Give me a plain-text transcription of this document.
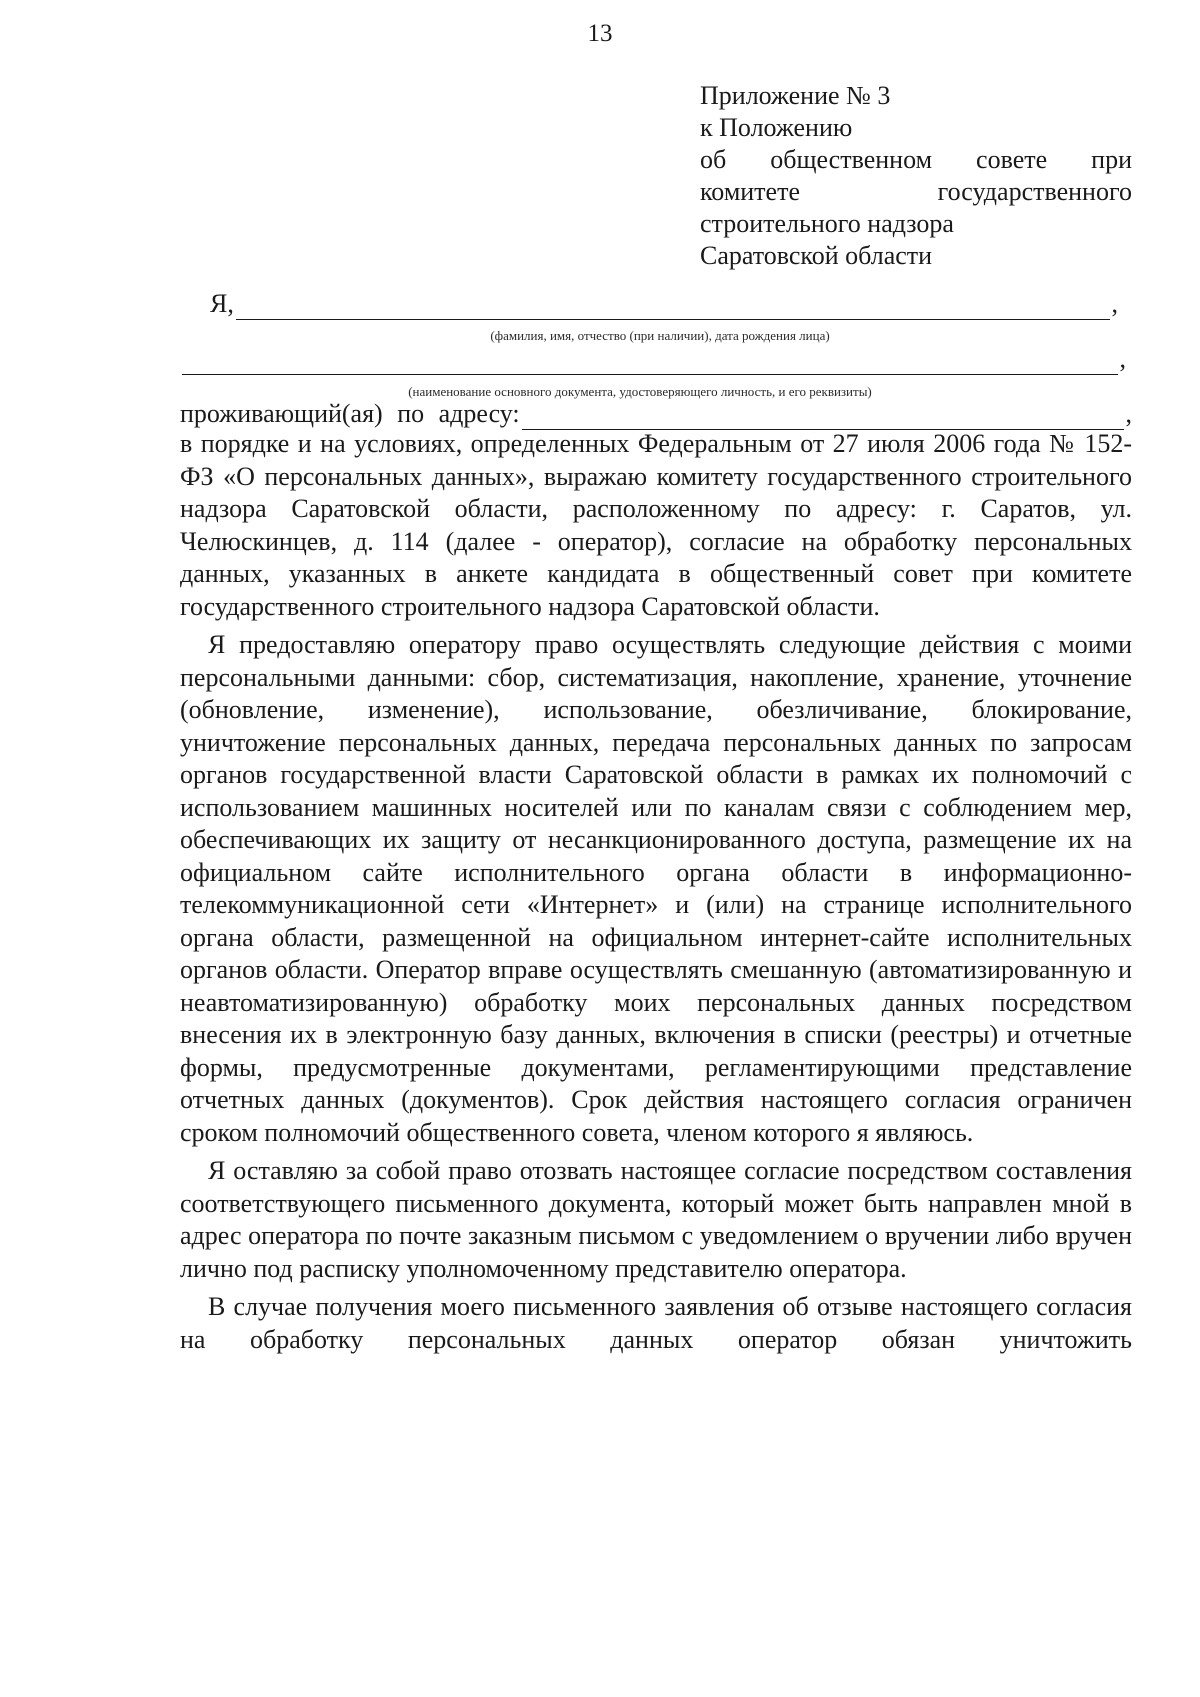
13
Приложение № 3
к Положению
об общественном совете при
комитете государственного
строительного надзора
Саратовской области
Я,	,
(фамилия, имя, отчество (при наличии), дата рождения лица)
,
(наименование основного документа, удостоверяющего личность, и его реквизиты)
проживающий(ая) по адресу:	,

в порядке и на условиях, определенных Федеральным от 27 июля 2006 года № 152-ФЗ «О персональных данных», выражаю комитету государственного строительного надзора Саратовской области, расположенному по адресу: г. Саратов, ул. Челюскинцев, д. 114 (далее - оператор), согласие на обработку персональных данных, указанных в анкете кандидата в общественный совет при комитете государственного строительного надзора Саратовской области.

Я предоставляю оператору право осуществлять следующие действия с моими персональными данными: сбор, систематизация, накопление, хранение, уточнение (обновление, изменение), использование, обезличивание, блокирование, уничтожение персональных данных, передача персональных данных по запросам органов государственной власти Саратовской области в рамках их полномочий с использованием машинных носителей или по каналам связи с соблюдением мер, обеспечивающих их защиту от несанкционированного доступа, размещение их на официальном сайте исполнительного органа области в информационно-телекоммуникационной сети «Интернет» и (или) на странице исполнительного органа области, размещенной на официальном интернет-сайте исполнительных органов области. Оператор вправе осуществлять смешанную (автоматизированную и неавтоматизированную) обработку моих персональных данных посредством внесения их в электронную базу данных, включения в списки (реестры) и отчетные формы, предусмотренные документами, регламентирующими представление отчетных данных (документов). Срок действия настоящего согласия ограничен сроком полномочий общественного совета, членом которого я являюсь.

Я оставляю за собой право отозвать настоящее согласие посредством составления соответствующего письменного документа, который может быть направлен мной в адрес оператора по почте заказным письмом с уведомлением о вручении либо вручен лично под расписку уполномоченному представителю оператора.

В случае получения моего письменного заявления об отзыве настоящего согласия на обработку персональных данных оператор обязан уничтожить
